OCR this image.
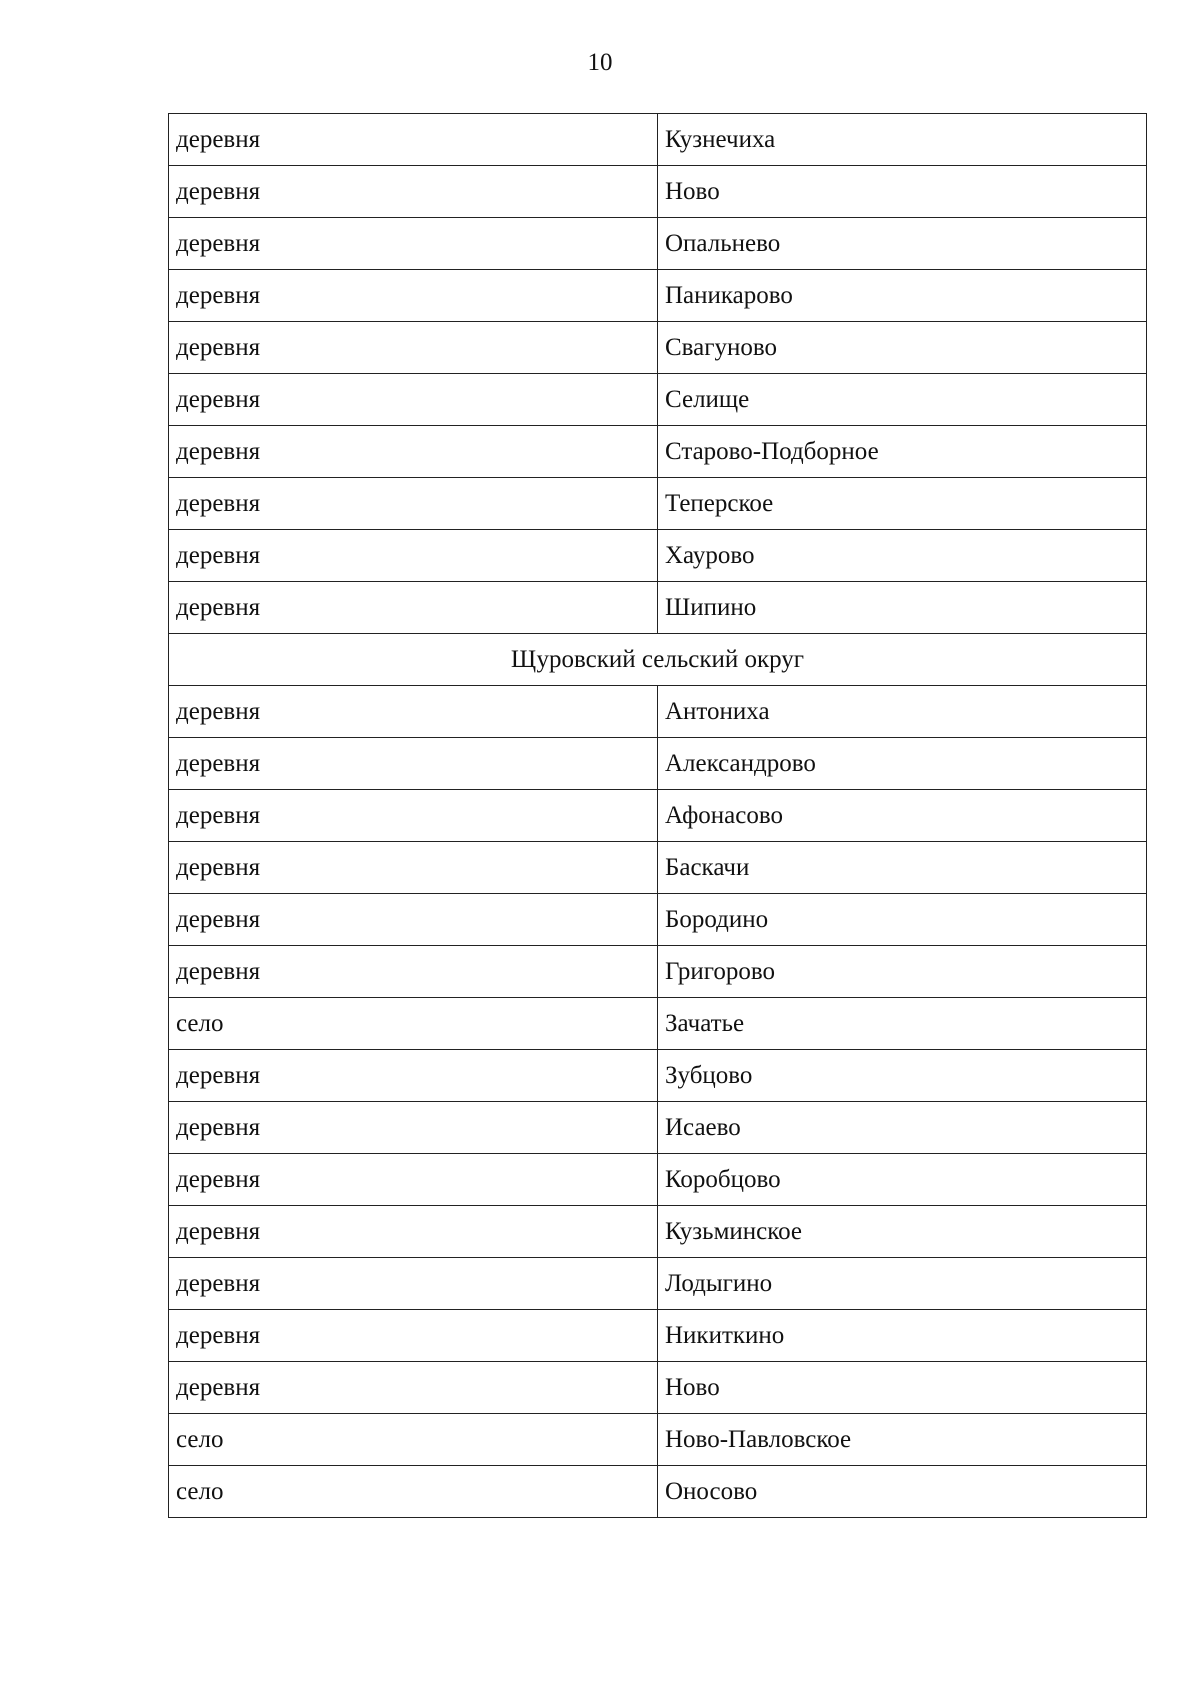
10
деревня	Кузнечиха
деревня	Ново
деревня	Опальнево
деревня	Паникарово
деревня	Свагуново
деревня	Селище
деревня	Старово-Подборное
деревня	Теперское
деревня	Хаурово
деревня	Шипино
Щуровский сельский округ	
деревня	Антониха
деревня	Александрово
деревня	Афонасово
деревня	Баскачи
деревня	Бородино
деревня	Григорово
село	Зачатье
деревня	Зубцово
деревня	Исаево
деревня	Коробцово
деревня	Кузьминское
деревня	Лодыгино
деревня	Никиткино
деревня	Ново
село	Ново-Павловское
село	Оносово
